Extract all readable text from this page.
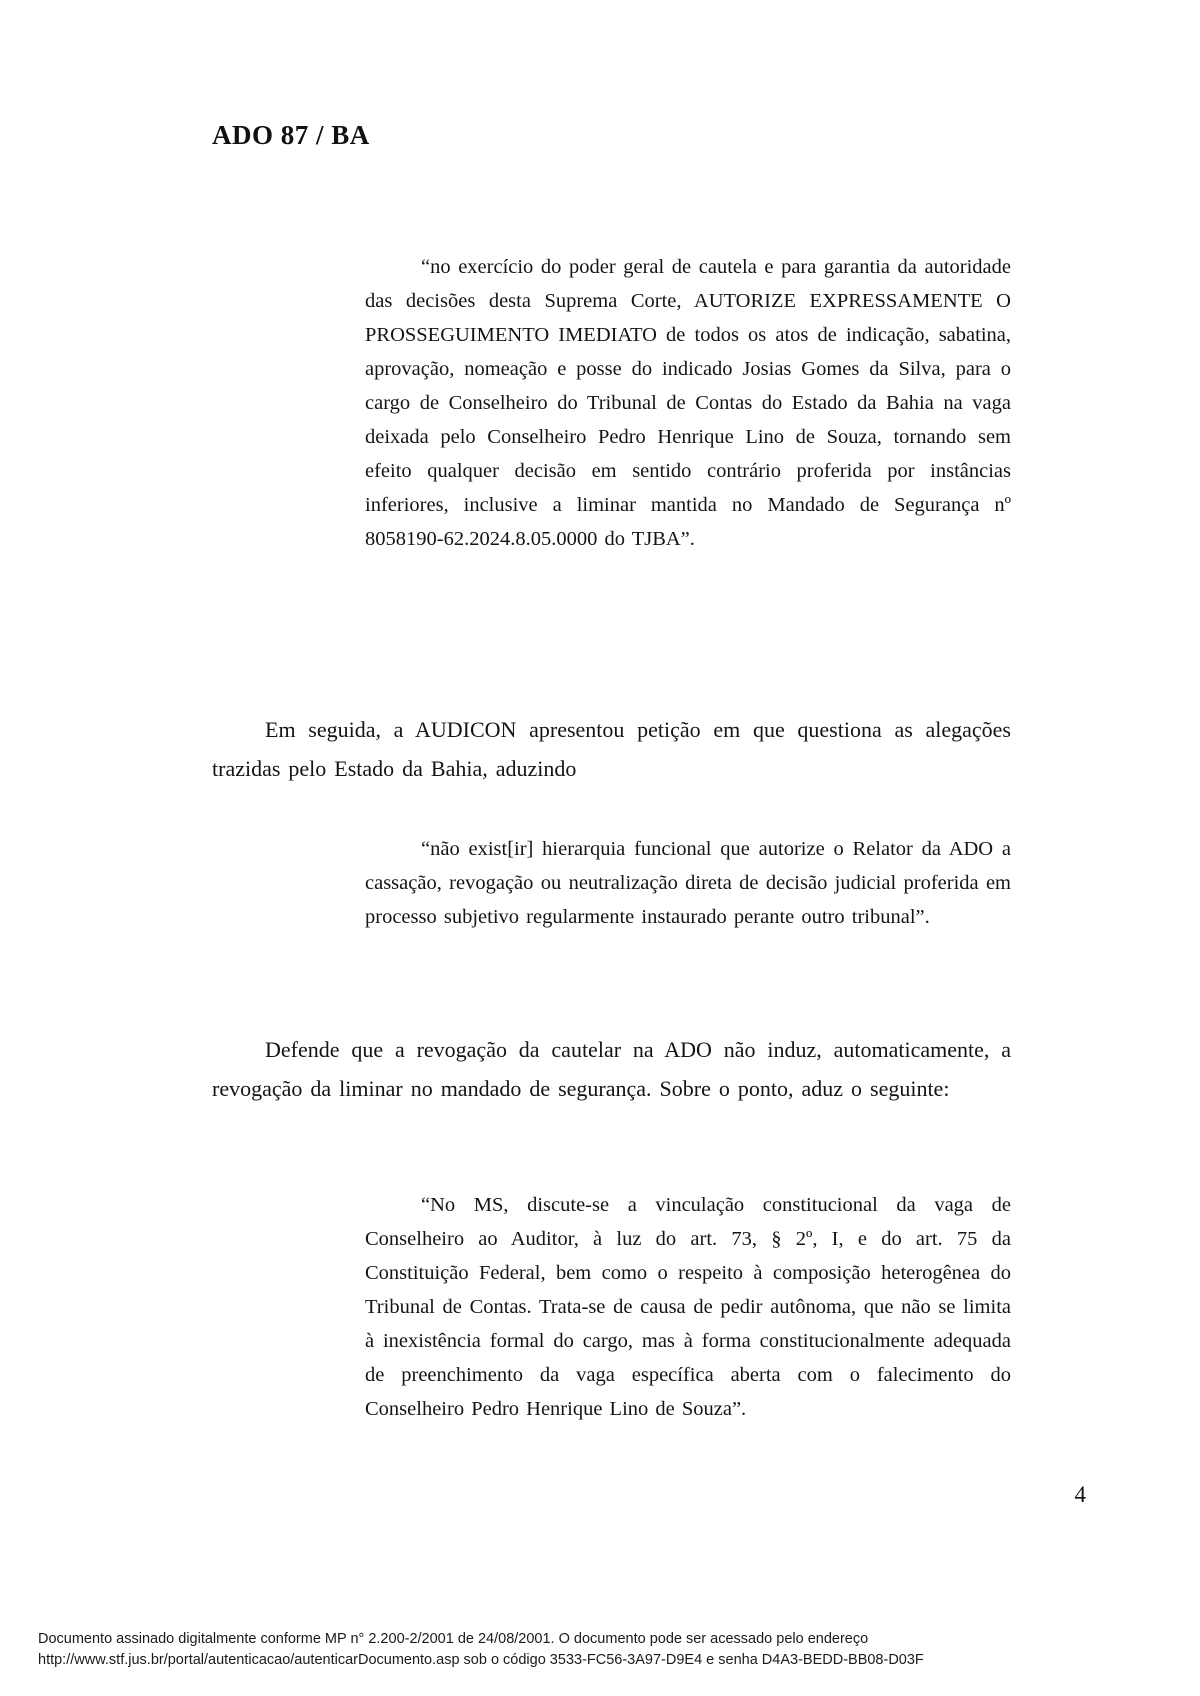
ADO 87 / BA
“no exercício do poder geral de cautela e para garantia da autoridade das decisões desta Suprema Corte, AUTORIZE EXPRESSAMENTE O PROSSEGUIMENTO IMEDIATO de todos os atos de indicação, sabatina, aprovação, nomeação e posse do indicado Josias Gomes da Silva, para o cargo de Conselheiro do Tribunal de Contas do Estado da Bahia na vaga deixada pelo Conselheiro Pedro Henrique Lino de Souza, tornando sem efeito qualquer decisão em sentido contrário proferida por instâncias inferiores, inclusive a liminar mantida no Mandado de Segurança nº 8058190-62.2024.8.05.0000 do TJBA”.
Em seguida, a AUDICON apresentou petição em que questiona as alegações trazidas pelo Estado da Bahia, aduzindo
“não exist[ir] hierarquia funcional que autorize o Relator da ADO a cassação, revogação ou neutralização direta de decisão judicial proferida em processo subjetivo regularmente instaurado perante outro tribunal”.
Defende que a revogação da cautelar na ADO não induz, automaticamente, a revogação da liminar no mandado de segurança. Sobre o ponto, aduz o seguinte:
“No MS, discute-se a vinculação constitucional da vaga de Conselheiro ao Auditor, à luz do art. 73, § 2º, I, e do art. 75 da Constituição Federal, bem como o respeito à composição heterogênea do Tribunal de Contas. Trata-se de causa de pedir autônoma, que não se limita à inexistência formal do cargo, mas à forma constitucionalmente adequada de preenchimento da vaga específica aberta com o falecimento do Conselheiro Pedro Henrique Lino de Souza”.
4
Documento assinado digitalmente conforme MP n° 2.200-2/2001 de 24/08/2001. O documento pode ser acessado pelo endereço
http://www.stf.jus.br/portal/autenticacao/autenticarDocumento.asp sob o código 3533-FC56-3A97-D9E4 e senha D4A3-BEDD-BB08-D03F
